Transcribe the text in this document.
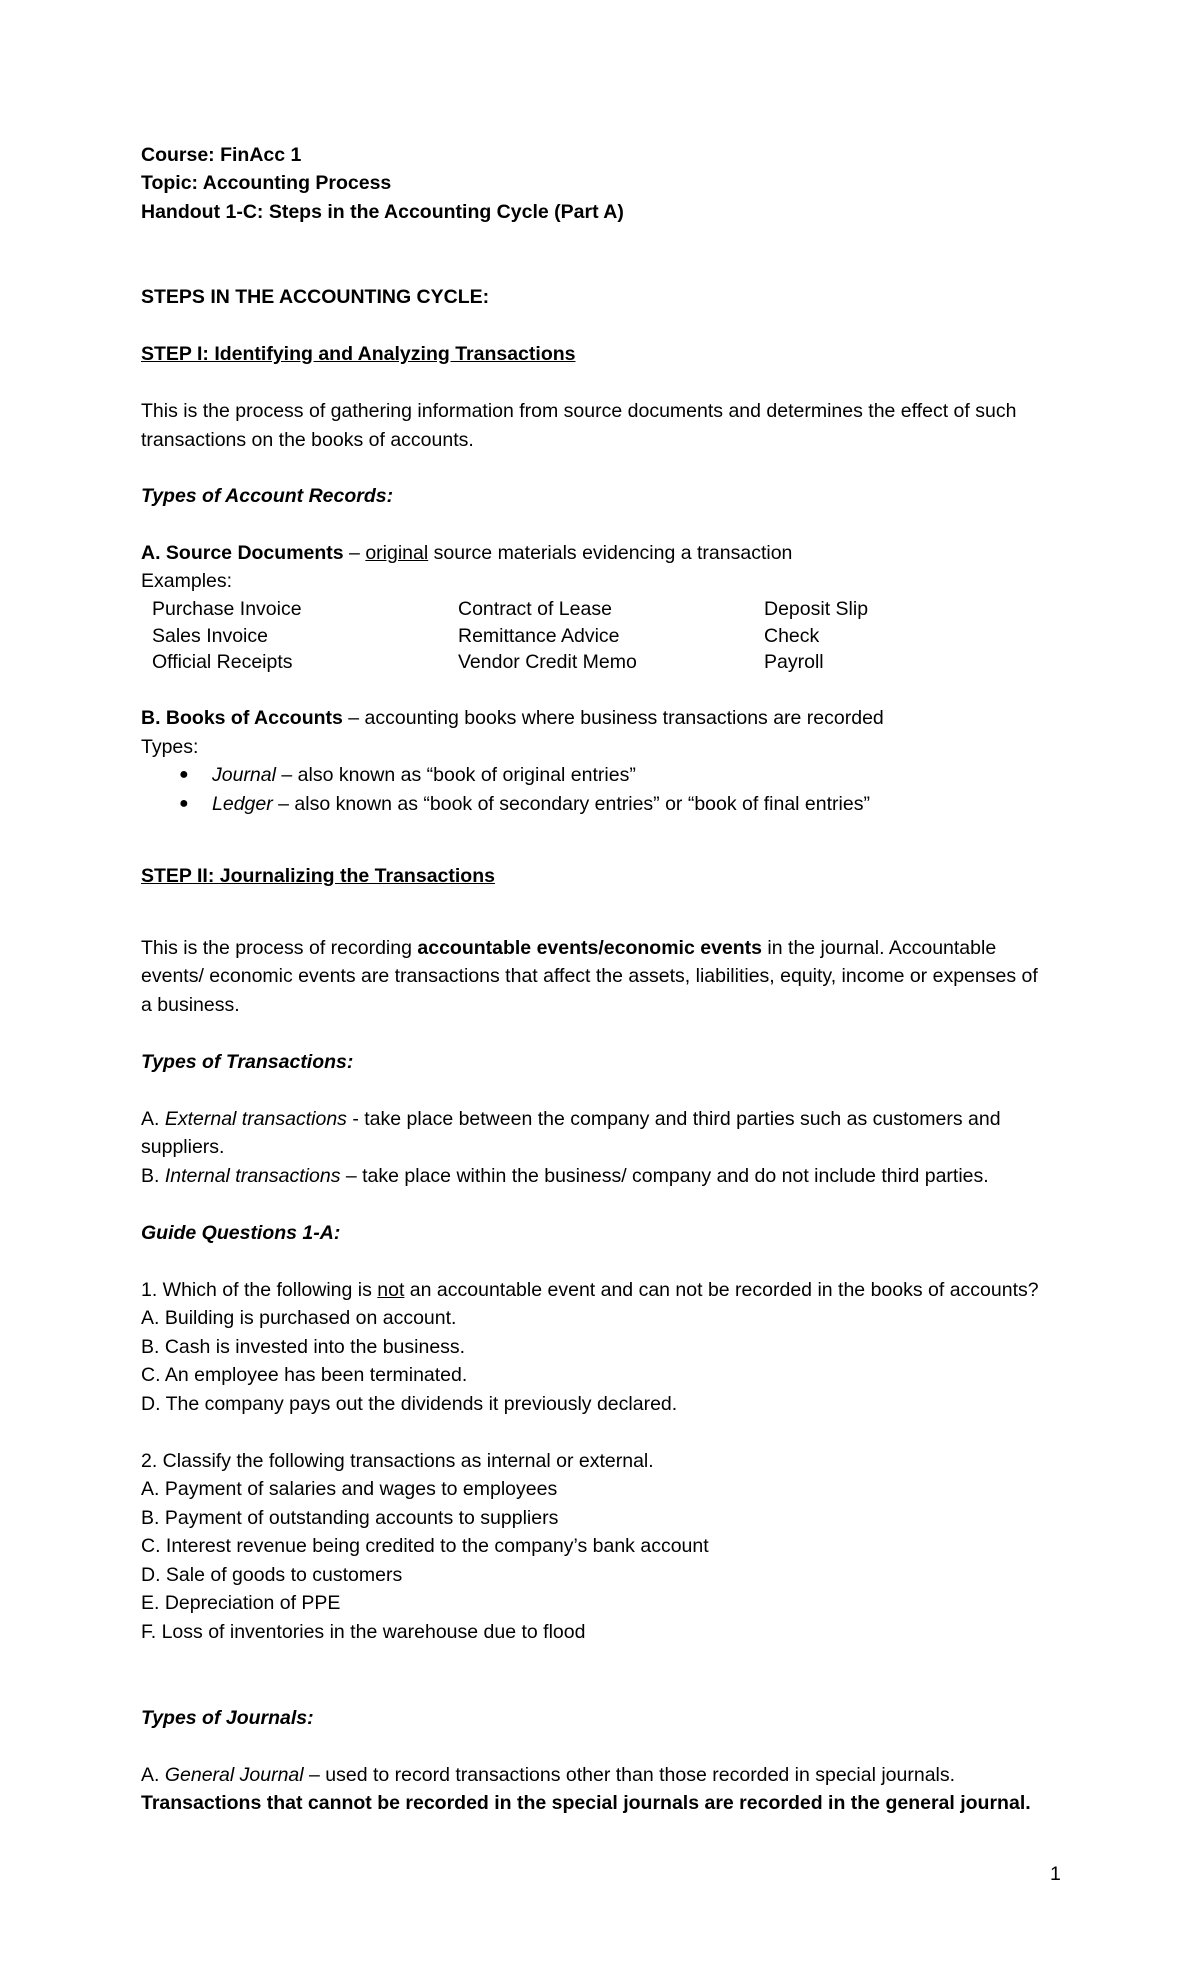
Course: FinAcc 1
Topic: Accounting Process
Handout 1-C: Steps in the Accounting Cycle (Part A)
STEPS IN THE ACCOUNTING CYCLE:
STEP I: Identifying and Analyzing Transactions
This is the process of gathering information from source documents and determines the effect of such
transactions on the books of accounts.
Types of Account Records:
A. Source Documents – original source materials evidencing a transaction
Examples:
Purchase Invoice	Contract of Lease	Deposit Slip
Sales Invoice	Remittance Advice	Check
Official Receipts	Vendor Credit Memo	Payroll
B. Books of Accounts – accounting books where business transactions are recorded
Types:
● Journal – also known as “book of original entries”
● Ledger – also known as “book of secondary entries” or “book of final entries”
STEP II: Journalizing the Transactions
This is the process of recording accountable events/economic events in the journal. Accountable
events/ economic events are transactions that affect the assets, liabilities, equity, income or expenses of
a business.
Types of Transactions:
A. External transactions - take place between the company and third parties such as customers and
suppliers.
B. Internal transactions – take place within the business/ company and do not include third parties.
Guide Questions 1-A:
1. Which of the following is not an accountable event and can not be recorded in the books of accounts?
A. Building is purchased on account.
B. Cash is invested into the business.
C. An employee has been terminated.
D. The company pays out the dividends it previously declared.
2. Classify the following transactions as internal or external.
A. Payment of salaries and wages to employees
B. Payment of outstanding accounts to suppliers
C. Interest revenue being credited to the company’s bank account
D. Sale of goods to customers
E. Depreciation of PPE
F. Loss of inventories in the warehouse due to flood
Types of Journals:
A. General Journal – used to record transactions other than those recorded in special journals.
Transactions that cannot be recorded in the special journals are recorded in the general journal.
1
